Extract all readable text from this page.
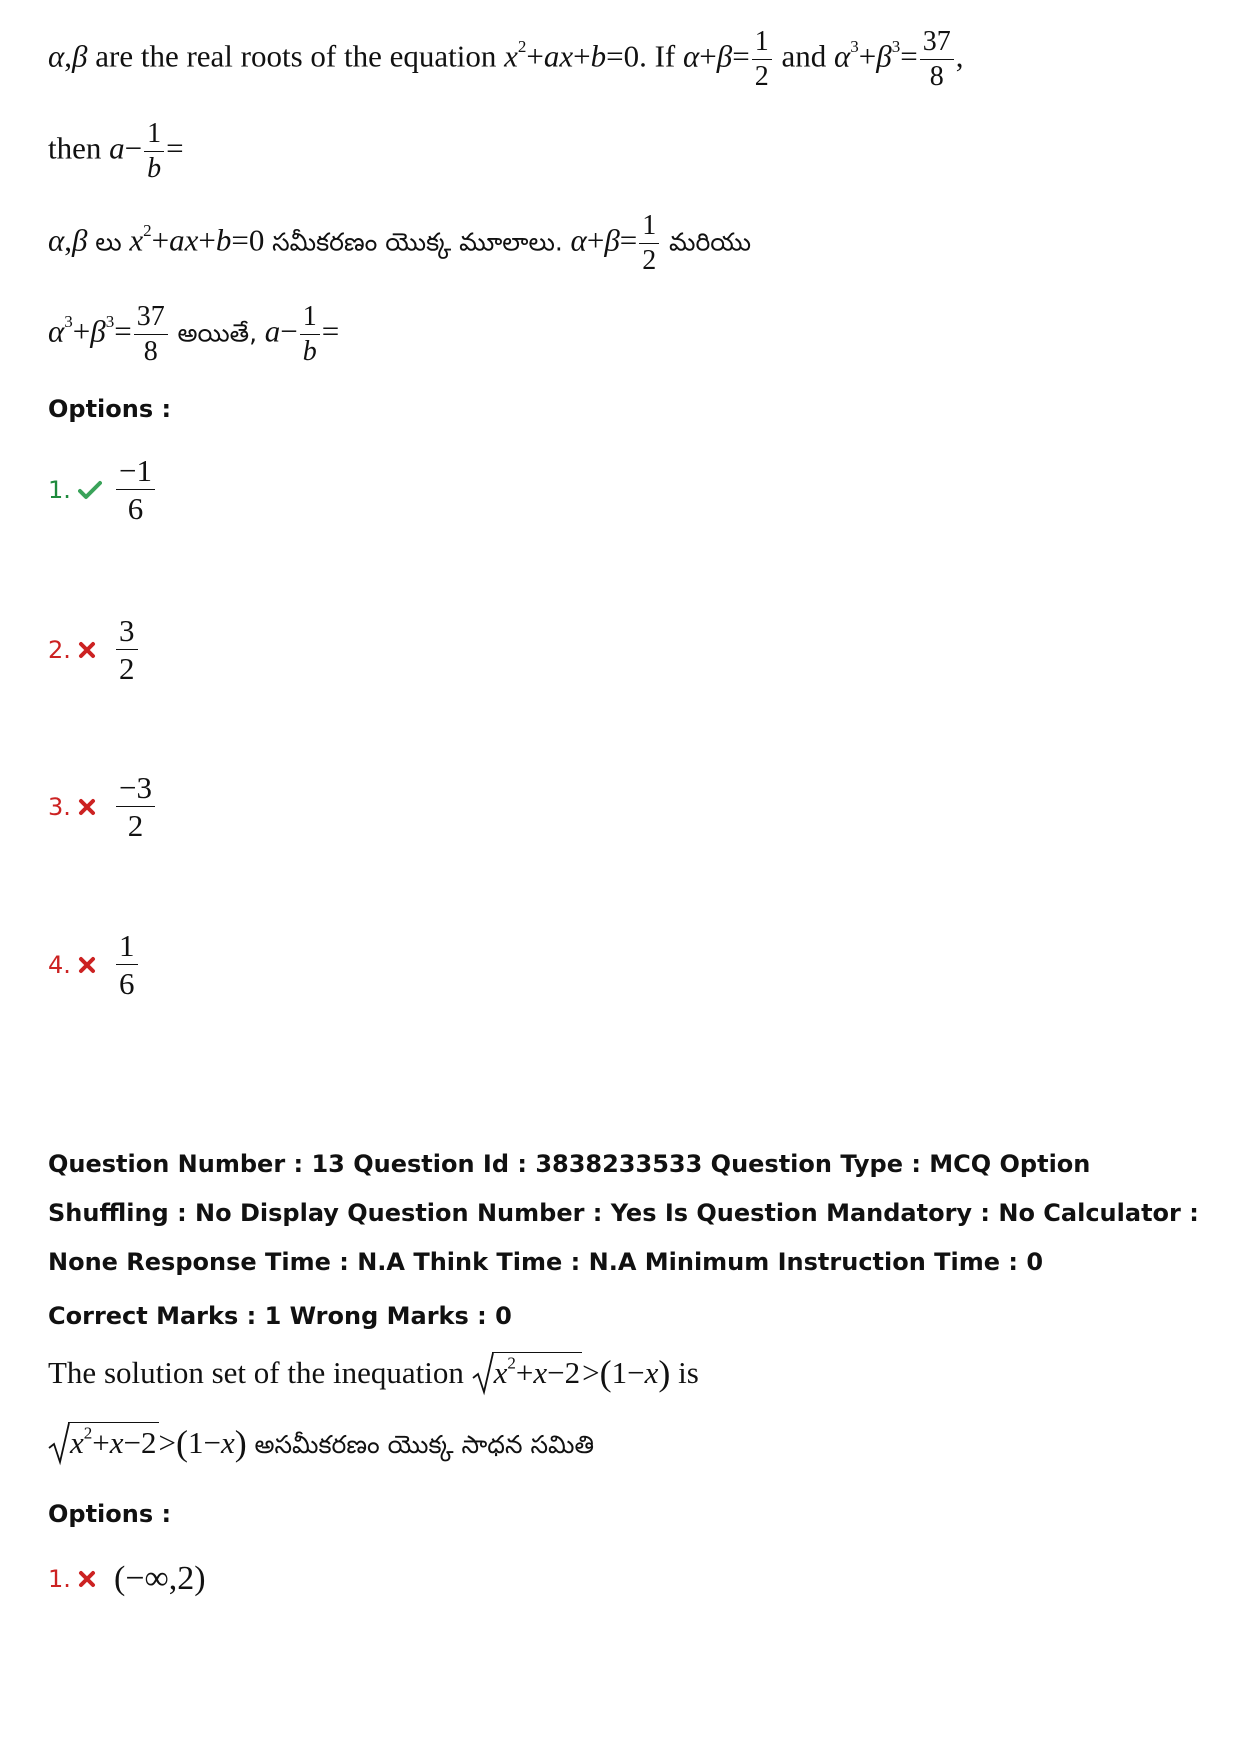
α,β are the real roots of the equation $x^2+ax+b=0$. If $\alpha+\beta= \frac{1}{2}$ and $\alpha^3+\beta^3= \frac{37}{8}$ ,
then $a- \frac{1}{b}$ =
α,β లు $x^2+ax+b=0$ సమీకరణం యొక్క మూలాలు. $\alpha+\beta= \frac{1}{2}$ మరియు
$\alpha^3+\beta^3= \frac{37}{8}$ అయితే, $a- \frac{1}{b}$ =
Options :
1. $\frac{-1}{6}$
2. $\frac{3}{2}$
3. $\frac{-3}{2}$
4. $\frac{1}{6}$
Question Number : 13 Question Id : 3838233533 Question Type : MCQ Option Shuffling : No Display Question Number : Yes Is Question Mandatory : No Calculator : None Response Time : N.A Think Time : N.A Minimum Instruction Time : 0
Correct Marks : 1 Wrong Marks : 0
The solution set of the inequation $x^2+x-2>(1-x)$ is
$x^2+x-2>(1-x)$ అసమీకరణం యొక్క సాధన సమితి
Options :
1. (−∞,2)
